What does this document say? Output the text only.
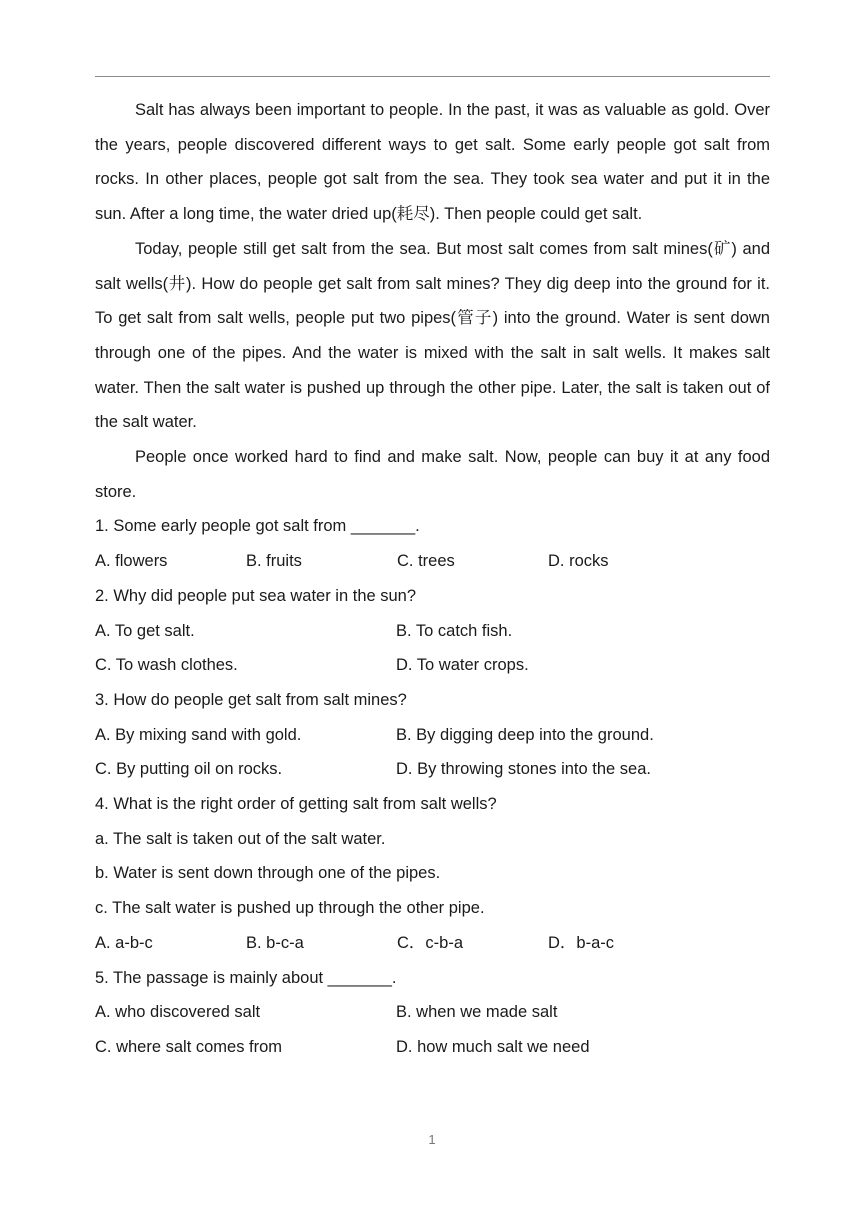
Salt has always been important to people. In the past, it was as valuable as gold. Over the years, people discovered different ways to get salt. Some early people got salt from rocks. In other places, people got salt from the sea. They took sea water and put it in the sun. After a long time, the water dried up(耗尽). Then people could get salt.

Today, people still get salt from the sea. But most salt comes from salt mines(矿) and salt wells(井). How do people get salt from salt mines? They dig deep into the ground for it. To get salt from salt wells, people put two pipes(管子) into the ground. Water is sent down through one of the pipes. And the water is mixed with the salt in salt wells. It makes salt water. Then the salt water is pushed up through the other pipe. Later, the salt is taken out of the salt water.

People once worked hard to find and make salt. Now, people can buy it at any food store.

1. Some early people got salt from _______.

A. flowers	B. fruits	C. trees	D. rocks

2. Why did people put sea water in the sun?

A. To get salt.	B. To catch fish.
C. To wash clothes.	D. To water crops.

3. How do people get salt from salt mines?

A. By mixing sand with gold.	B. By digging deep into the ground.
C. By putting oil on rocks.	D. By throwing stones into the sea.

4. What is the right order of getting salt from salt wells?

a. The salt is taken out of the salt water.

b. Water is sent down through one of the pipes.

c. The salt water is pushed up through the other pipe.

A. a-b-c	B. b-c-a	C．c-b-a	D．b-a-c

5. The passage is mainly about _______.

A. who discovered salt	B. when we made salt
C. where salt comes from	D. how much salt we need
1
